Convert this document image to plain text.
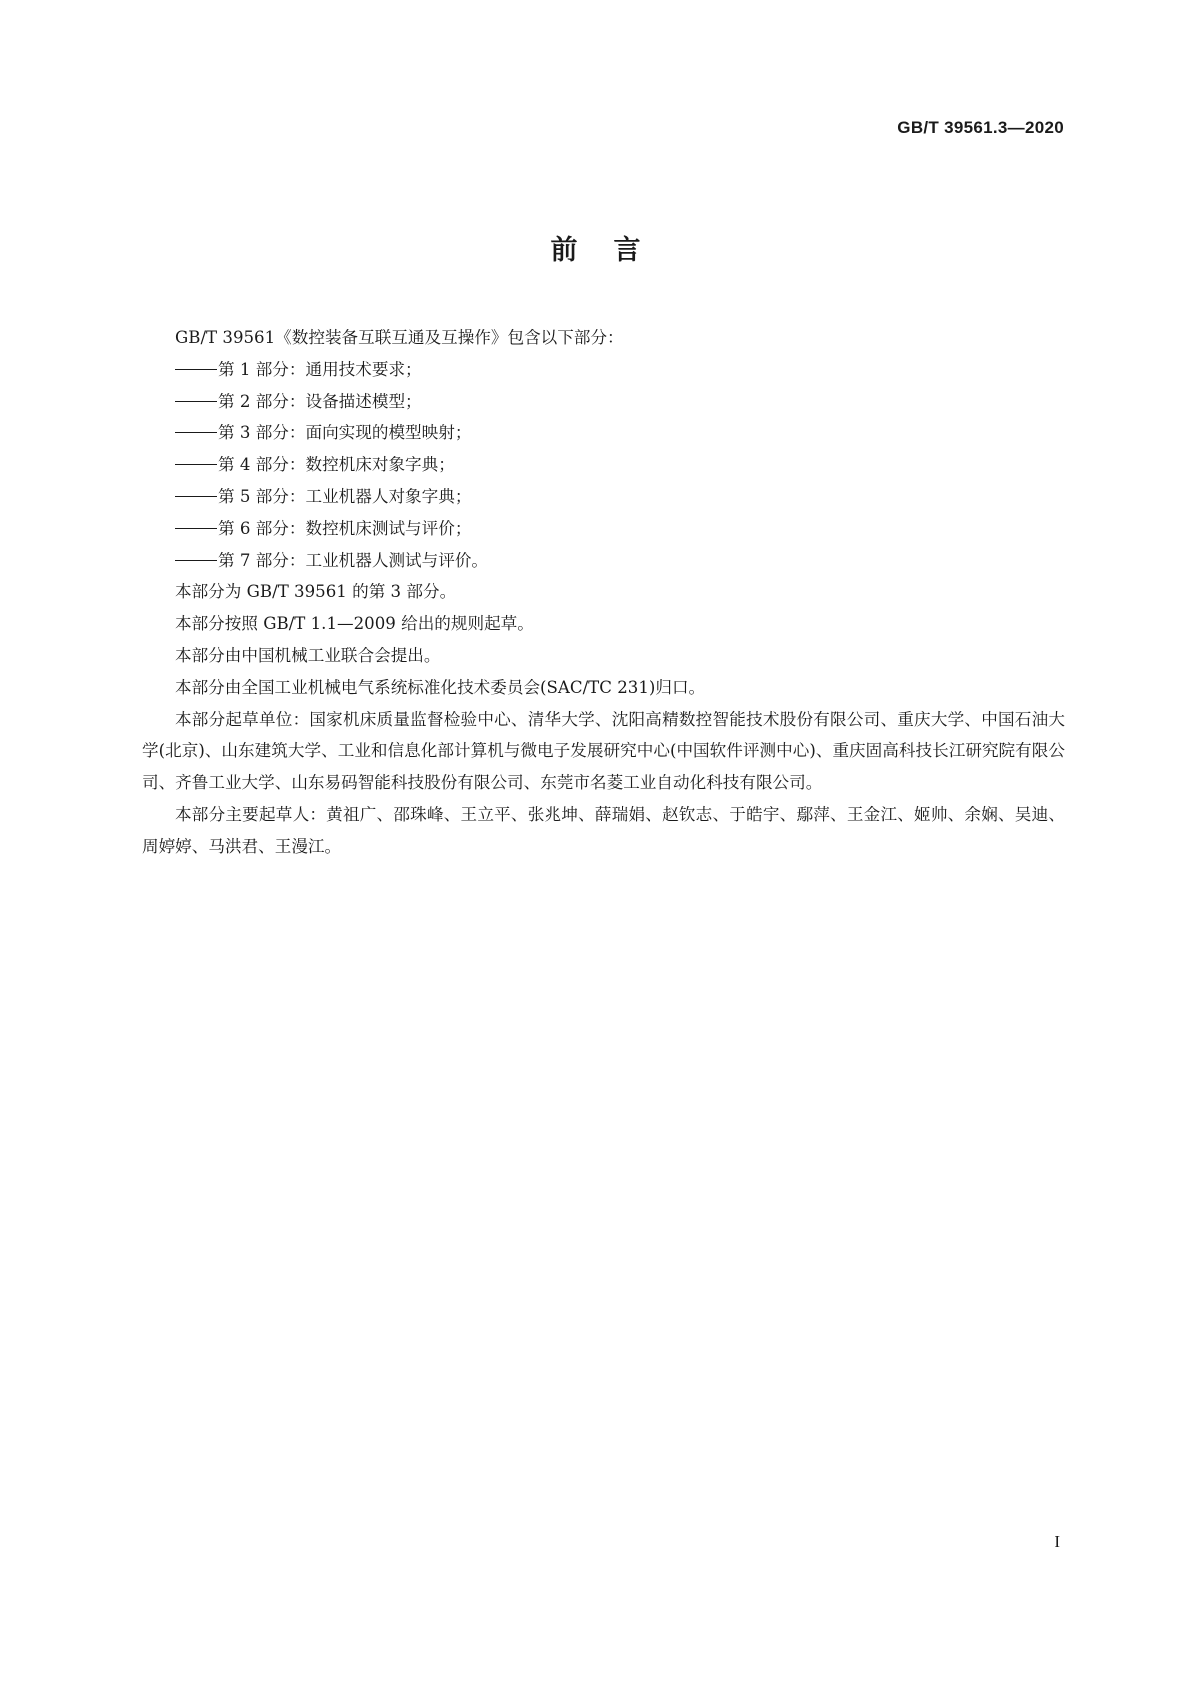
GB/T 39561.3—2020
前言

GB/T 39561《数控装备互联互通及互操作》包含以下部分：

第 1 部分：通用技术要求；

第 2 部分：设备描述模型；

第 3 部分：面向实现的模型映射；

第 4 部分：数控机床对象字典；

第 5 部分：工业机器人对象字典；

第 6 部分：数控机床测试与评价；

第 7 部分：工业机器人测试与评价。

本部分为 GB/T 39561 的第 3 部分。

本部分按照 GB/T 1.1—2009 给出的规则起草。

本部分由中国机械工业联合会提出。

本部分由全国工业机械电气系统标准化技术委员会(SAC/TC 231)归口。

本部分起草单位：国家机床质量监督检验中心、清华大学、沈阳高精数控智能技术股份有限公司、重庆大学、中国石油大学(北京)、山东建筑大学、工业和信息化部计算机与微电子发展研究中心(中国软件评测中心)、重庆固高科技长江研究院有限公司、齐鲁工业大学、山东易码智能科技股份有限公司、东莞市名菱工业自动化科技有限公司。

本部分主要起草人：黄祖广、邵珠峰、王立平、张兆坤、薛瑞娟、赵钦志、于皓宇、鄢萍、王金江、姬帅、余娴、吴迪、周婷婷、马洪君、王漫江。

I
